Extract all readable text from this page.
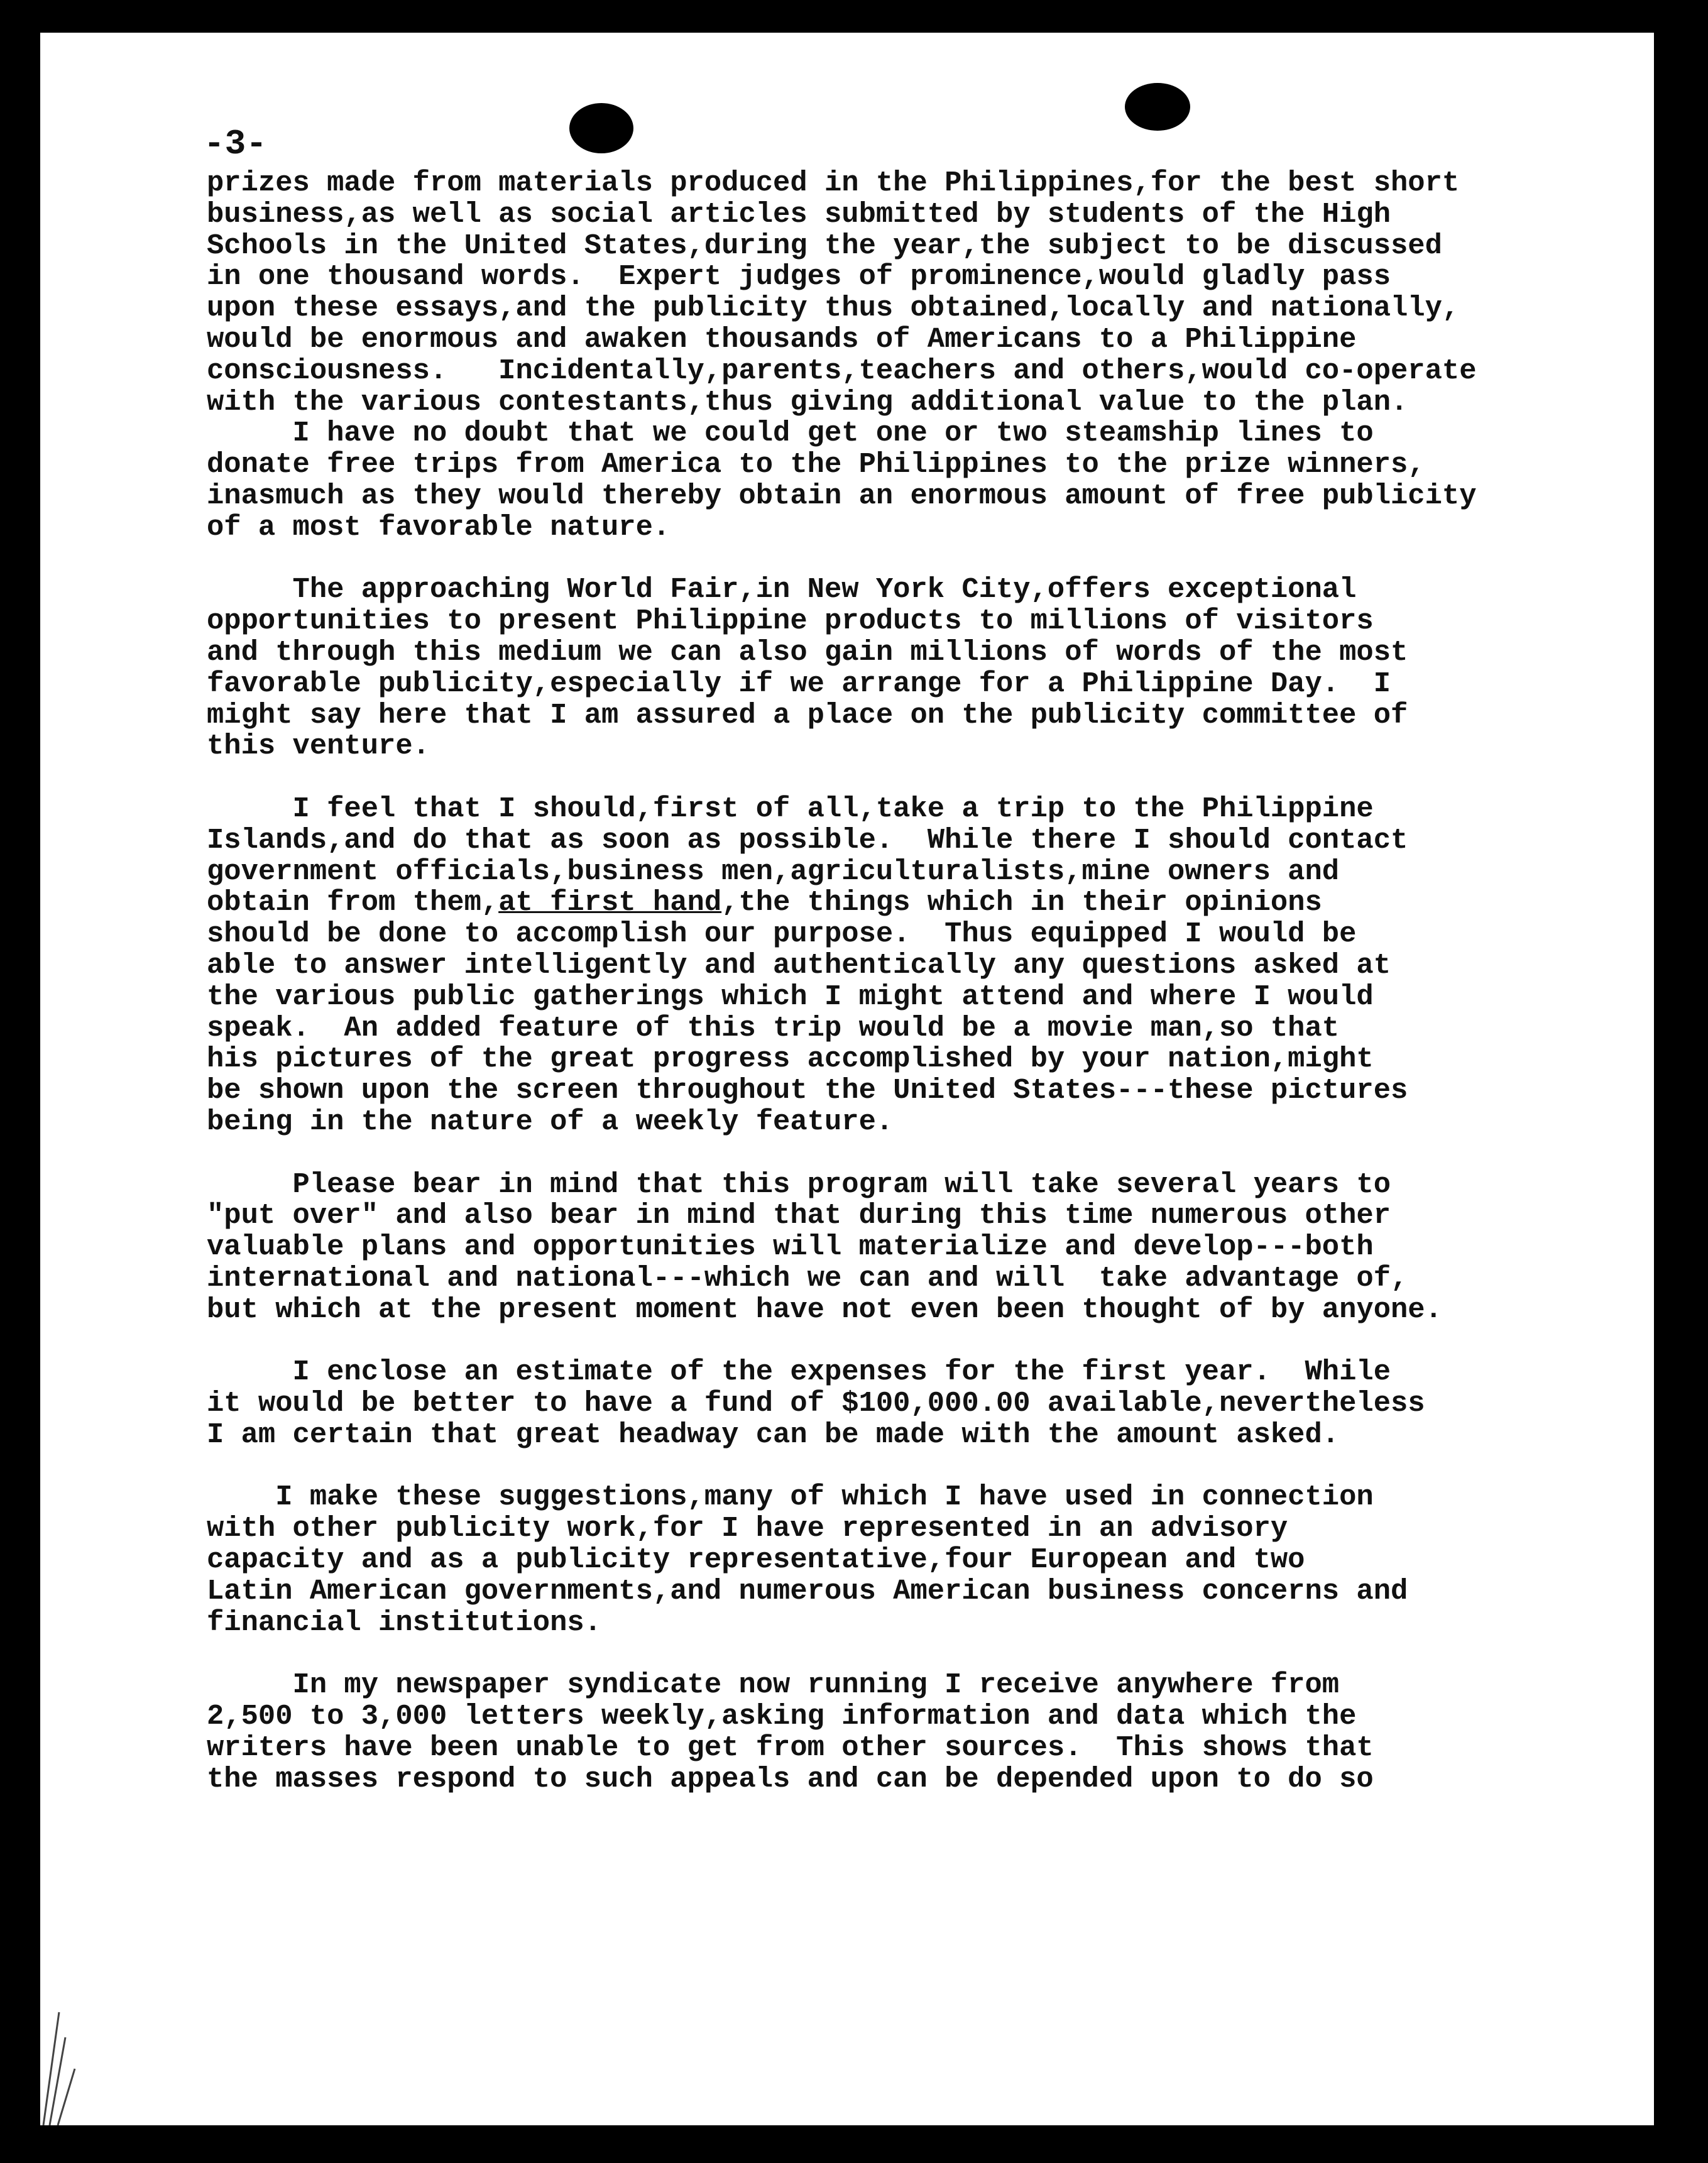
-3-

prizes made from materials produced in the Philippines,for the best short
business,as well as social articles submitted by students of the High
Schools in the United States,during the year,the subject to be discussed
in one thousand words.  Expert judges of prominence,would gladly pass
upon these essays,and the publicity thus obtained,locally and nationally,
would be enormous and awaken thousands of Americans to a Philippine
consciousness.   Incidentally,parents,teachers and others,would co-operate
with the various contestants,thus giving additional value to the plan.
I have no doubt that we could get one or two steamship lines to
donate free trips from America to the Philippines to the prize winners,
inasmuch as they would thereby obtain an enormous amount of free publicity
of a most favorable nature.
The approaching World Fair,in New York City,offers exceptional
opportunities to present Philippine products to millions of visitors
and through this medium we can also gain millions of words of the most
favorable publicity,especially if we arrange for a Philippine Day.  I
might say here that I am assured a place on the publicity committee of
this venture.
I feel that I should,first of all,take a trip to the Philippine
Islands,and do that as soon as possible.  While there I should contact
government officials,business men,agriculturalists,mine owners and
obtain from them,at first hand,the things which in their opinions
should be done to accomplish our purpose.  Thus equipped I would be
able to answer intelligently and authentically any questions asked at
the various public gatherings which I might attend and where I would
speak.  An added feature of this trip would be a movie man,so that
his pictures of the great progress accomplished by your nation,might
be shown upon the screen throughout the United States---these pictures
being in the nature of a weekly feature.
Please bear in mind that this program will take several years to
"put over" and also bear in mind that during this time numerous other
valuable plans and opportunities will materialize and develop---both
international and national---which we can and will  take advantage of,
but which at the present moment have not even been thought of by anyone.
I enclose an estimate of the expenses for the first year.  While
it would be better to have a fund of $100,000.00 available,nevertheless
I am certain that great headway can be made with the amount asked.
I make these suggestions,many of which I have used in connection
with other publicity work,for I have represented in an advisory
capacity and as a publicity representative,four European and two
Latin American governments,and numerous American business concerns and
financial institutions.
In my newspaper syndicate now running I receive anywhere from
2,500 to 3,000 letters weekly,asking information and data which the
writers have been unable to get from other sources.  This shows that
the masses respond to such appeals and can be depended upon to do so
